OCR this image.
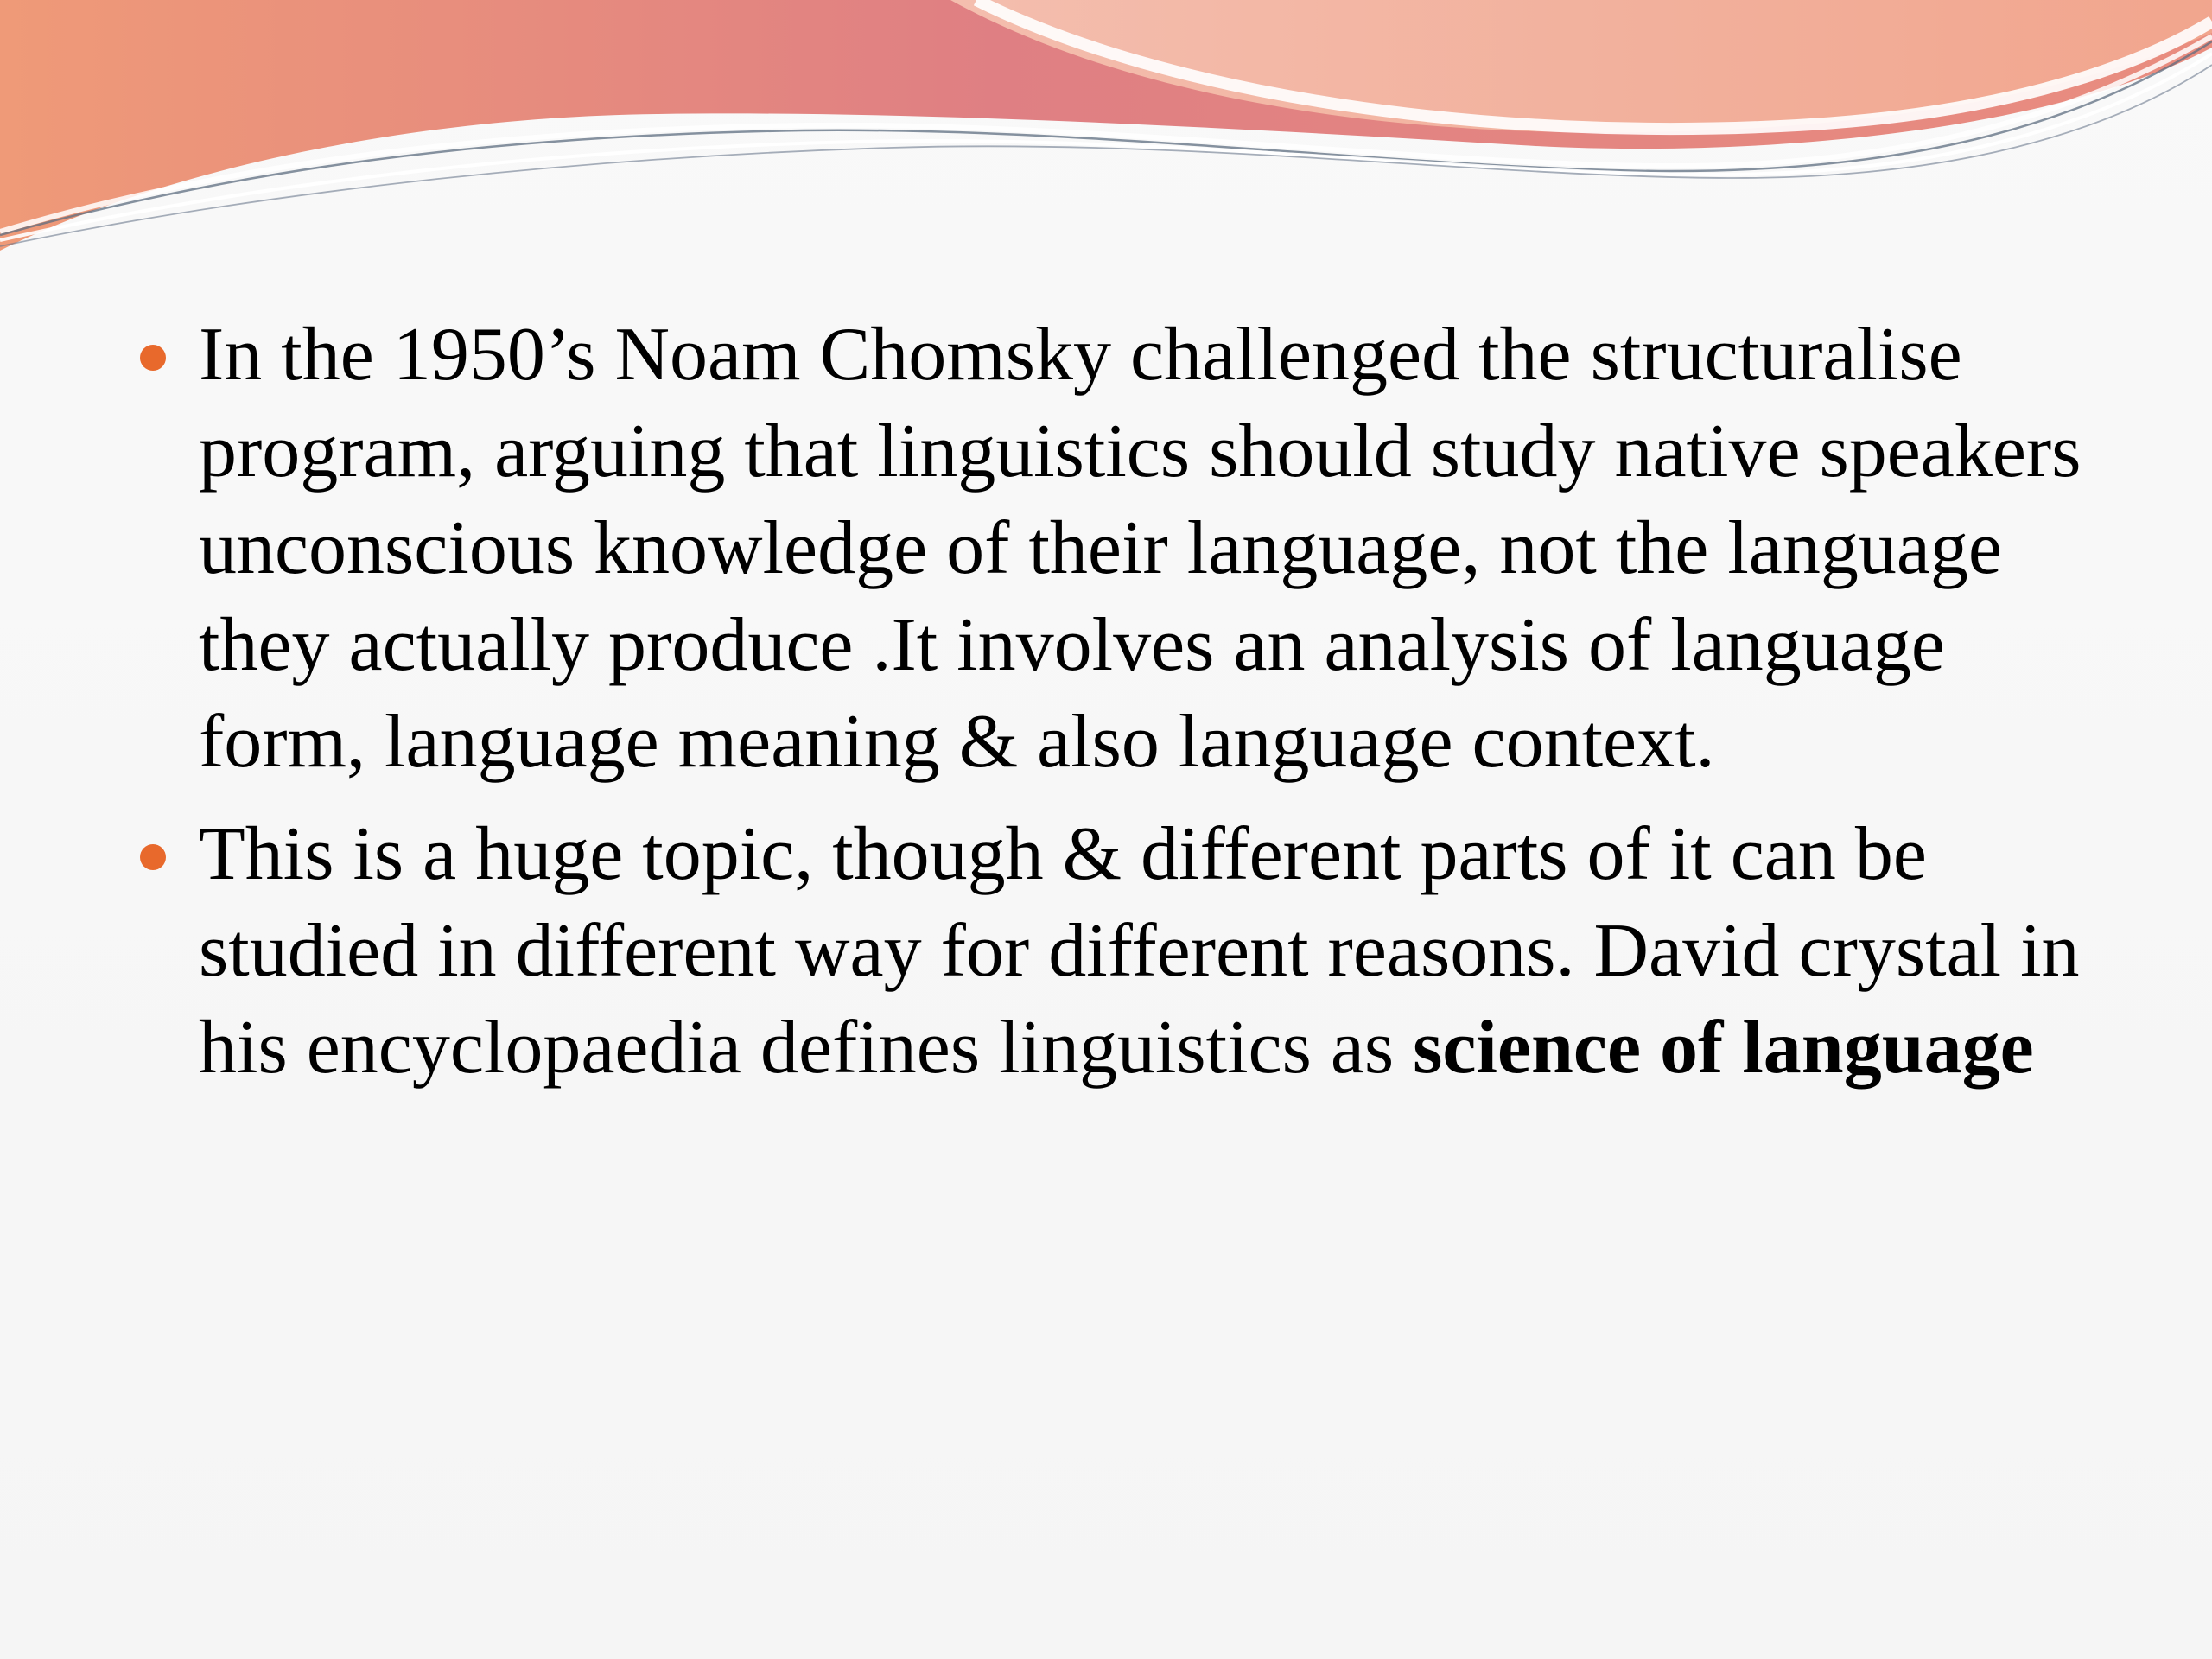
In the 1950’s Noam Chomsky challenged the structuralise program, arguing that linguistics should study native speakers unconscious knowledge of their language, not the language they actually produce .It involves an analysis of language form, language meaning & also language context.
This is a huge topic, though & different parts of it can be studied in different way for different reasons. David crystal in his encyclopaedia defines linguistics as science of language
